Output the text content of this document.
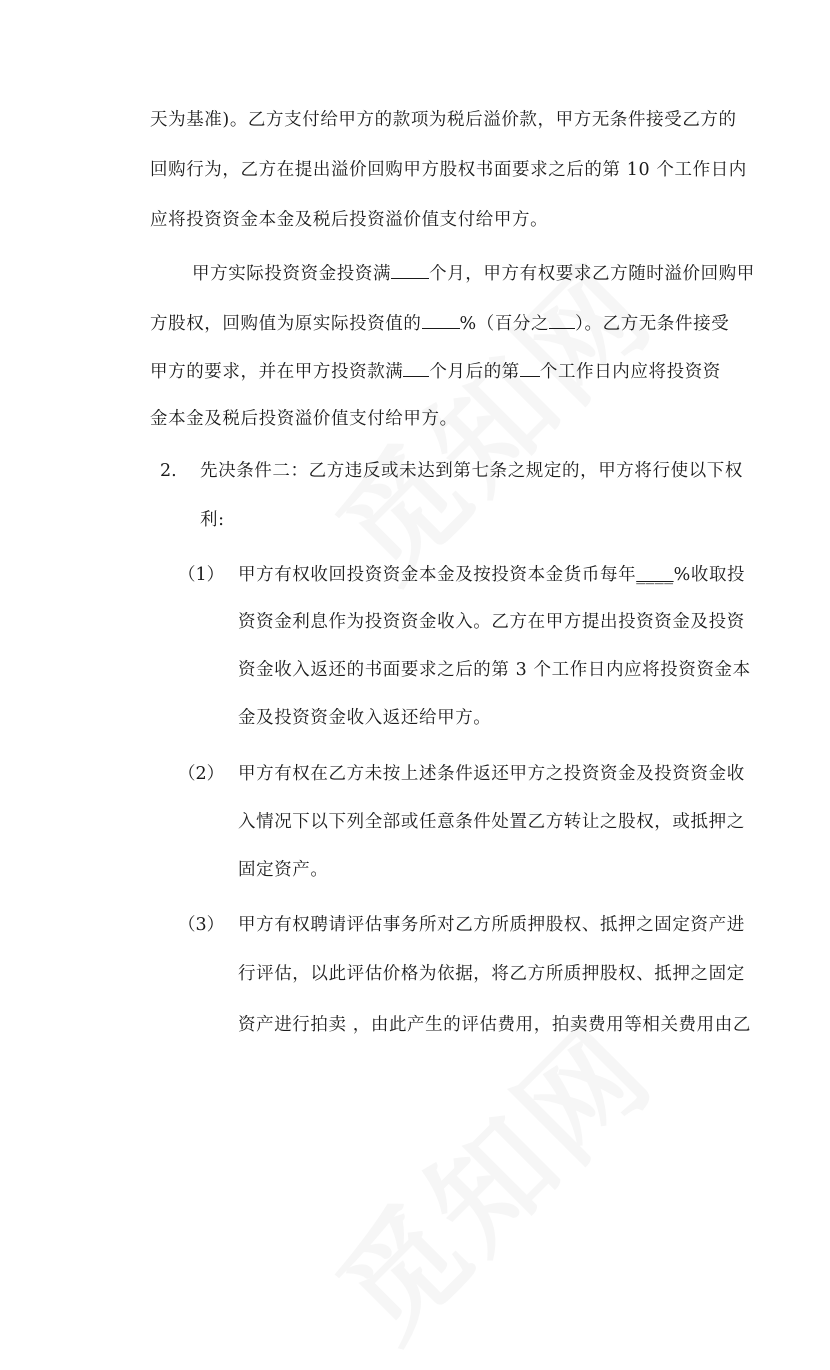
天为基准)。乙方支付给甲方的款项为税后溢价款，甲方无条件接受乙方的
回购行为，乙方在提出溢价回购甲方股权书面要求之后的第 10 个工作日内
应将投资资金本金及税后投资溢价值支付给甲方。
甲方实际投资资金投资满 个月，甲方有权要求乙方随时溢价回购甲
方股权，回购值为原实际投资值的 %（百分之 ）。乙方无条件接受
甲方的要求，并在甲方投资款满 个月后的第 个工作日内应将投资资
金本金及税后投资溢价值支付给甲方。
2. 先决条件二：乙方违反或未达到第七条之规定的，甲方将行使以下权
利:
（1） 甲方有权收回投资资金本金及按投资本金货币每年____%收取投
资资金利息作为投资资金收入。乙方在甲方提出投资资金及投资
资金收入返还的书面要求之后的第 3 个工作日内应将投资资金本
金及投资资金收入返还给甲方。
（2） 甲方有权在乙方未按上述条件返还甲方之投资资金及投资资金收
入情况下以下列全部或任意条件处置乙方转让之股权，或抵押之
固定资产。
（3） 甲方有权聘请评估事务所对乙方所质押股权、抵押之固定资产进
行评估，以此评估价格为依据，将乙方所质押股权、抵押之固定
资产进行拍卖 ，由此产生的评估费用，拍卖费用等相关费用由乙
